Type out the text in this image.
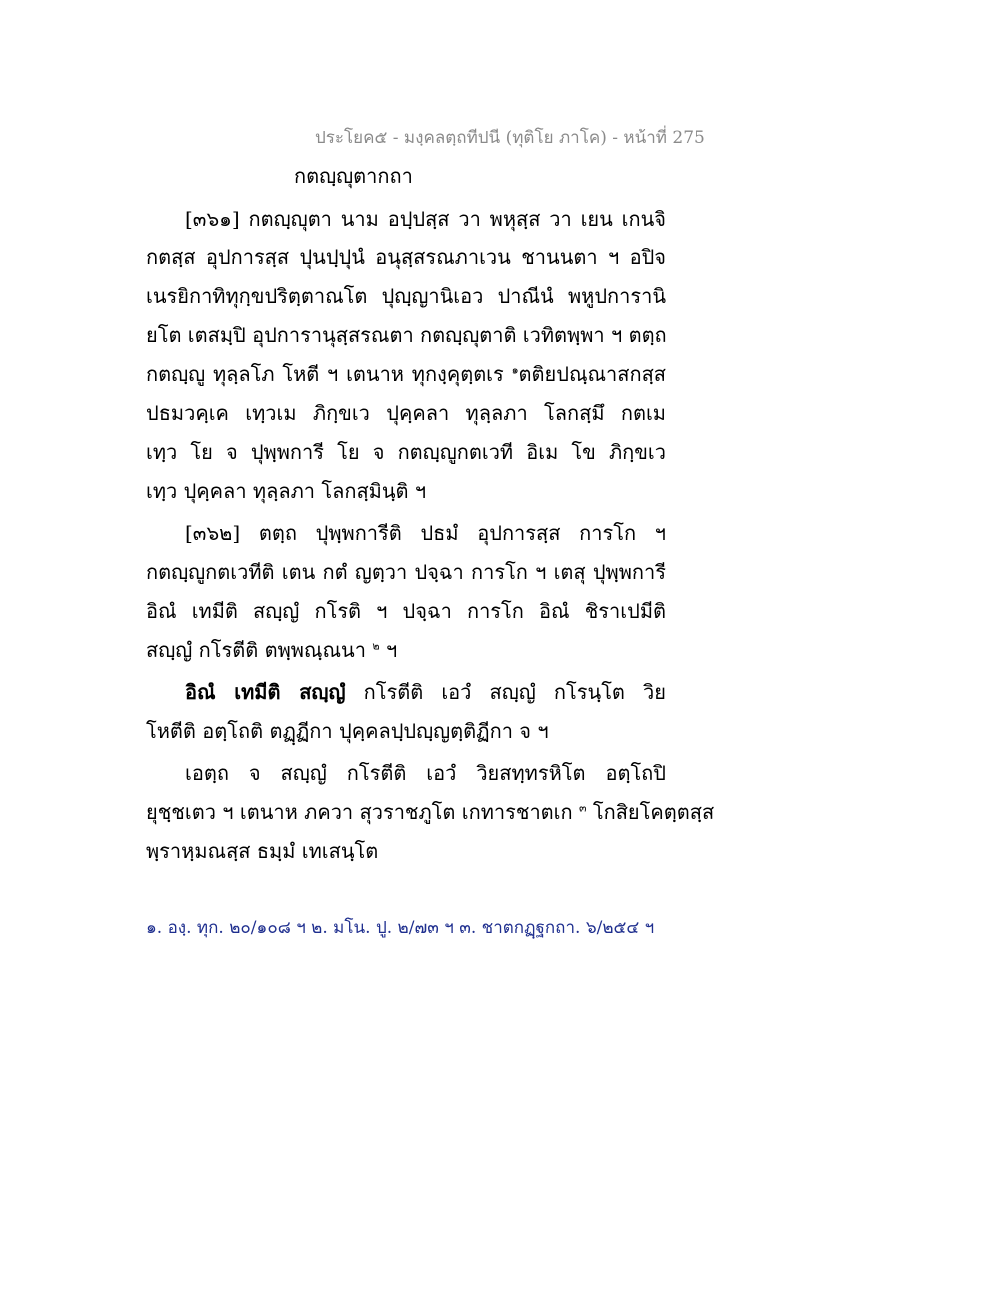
ประโยค๕ - มงฺคลตฺถทีปนี (ทุติโย ภาโค) - หน้าที่ 275
กตญฺญุตากถา
[๓๖๑] กตญฺญุตา นาม อปฺปสฺส วา พหุสฺส วา เยน เกนจิ
กตสฺส อุปการสฺส ปุนปฺปุนํ อนุสฺสรณภาเวน ชานนตา ฯ อปิจ
เนรยิกาทิทุกฺขปริตฺตาณโต ปุญฺญานิเอว ปาณีนํ พหูปการานิ
ยโต เตสมฺปิ อุปการานุสฺสรณตา กตญฺญุตาติ เวทิตพฺพา ฯ ตตฺถ
กตญฺญู ทุลฺลโภ โหตี ฯ เตนาห ทุกงฺคุตฺตเร $^๑$ตติยปณฺณาสกสฺส
ปธมวคฺเค เทฺวเม ภิกฺขเว ปุคฺคลา ทุลฺลภา โลกสฺมึ กตเม
เทฺว โย จ ปุพฺพการี โย จ กตญฺญูกตเวที อิเม โข ภิกฺขเว
เทฺว ปุคฺคลา ทุลฺลภา โลกสฺมินฺติ ฯ
[๓๖๒] ตตฺถ ปุพฺพการีติ ปธมํ อุปการสฺส การโก ฯ
กตญฺญูกตเวทีติ เตน กตํ ญตฺวา ปจฺฉา การโก ฯ เตสุ ปุพฺพการี
อิณํ เทมีติ สญฺญํ กโรติ ฯ ปจฺฉา การโก อิณํ ชิราเปมีติ
สญฺญํ กโรตีติ ตพฺพณฺณนา $^๒$ ฯ
อิณํ เทมีติ สญฺญํ กโรตีติ เอวํ สญฺญํ กโรนฺโต วิย
โหตีติ อตฺโถติ ตฏฺฏีกา ปุคฺคลปฺปญฺญตฺติฏีกา จ ฯ
เอตฺถ จ สญฺญํ กโรตีติ เอวํ วิยสทฺทรหิโต อตฺโถปิ
ยุชฺชเตว ฯ เตนาห ภควา สุวราชภูโต เกทารชาตเก $^๓$ โกสิยโคตฺตสฺส
พฺราหฺมณสฺส ธมฺมํ เทเสนฺโต
๑. องฺ. ทุก. ๒๐/๑๐๘ ฯ ๒. มโน. ปู. ๒/๗๓ ฯ ๓. ชาตกฏฺฐกถา. ๖/๒๕๔ ฯ
